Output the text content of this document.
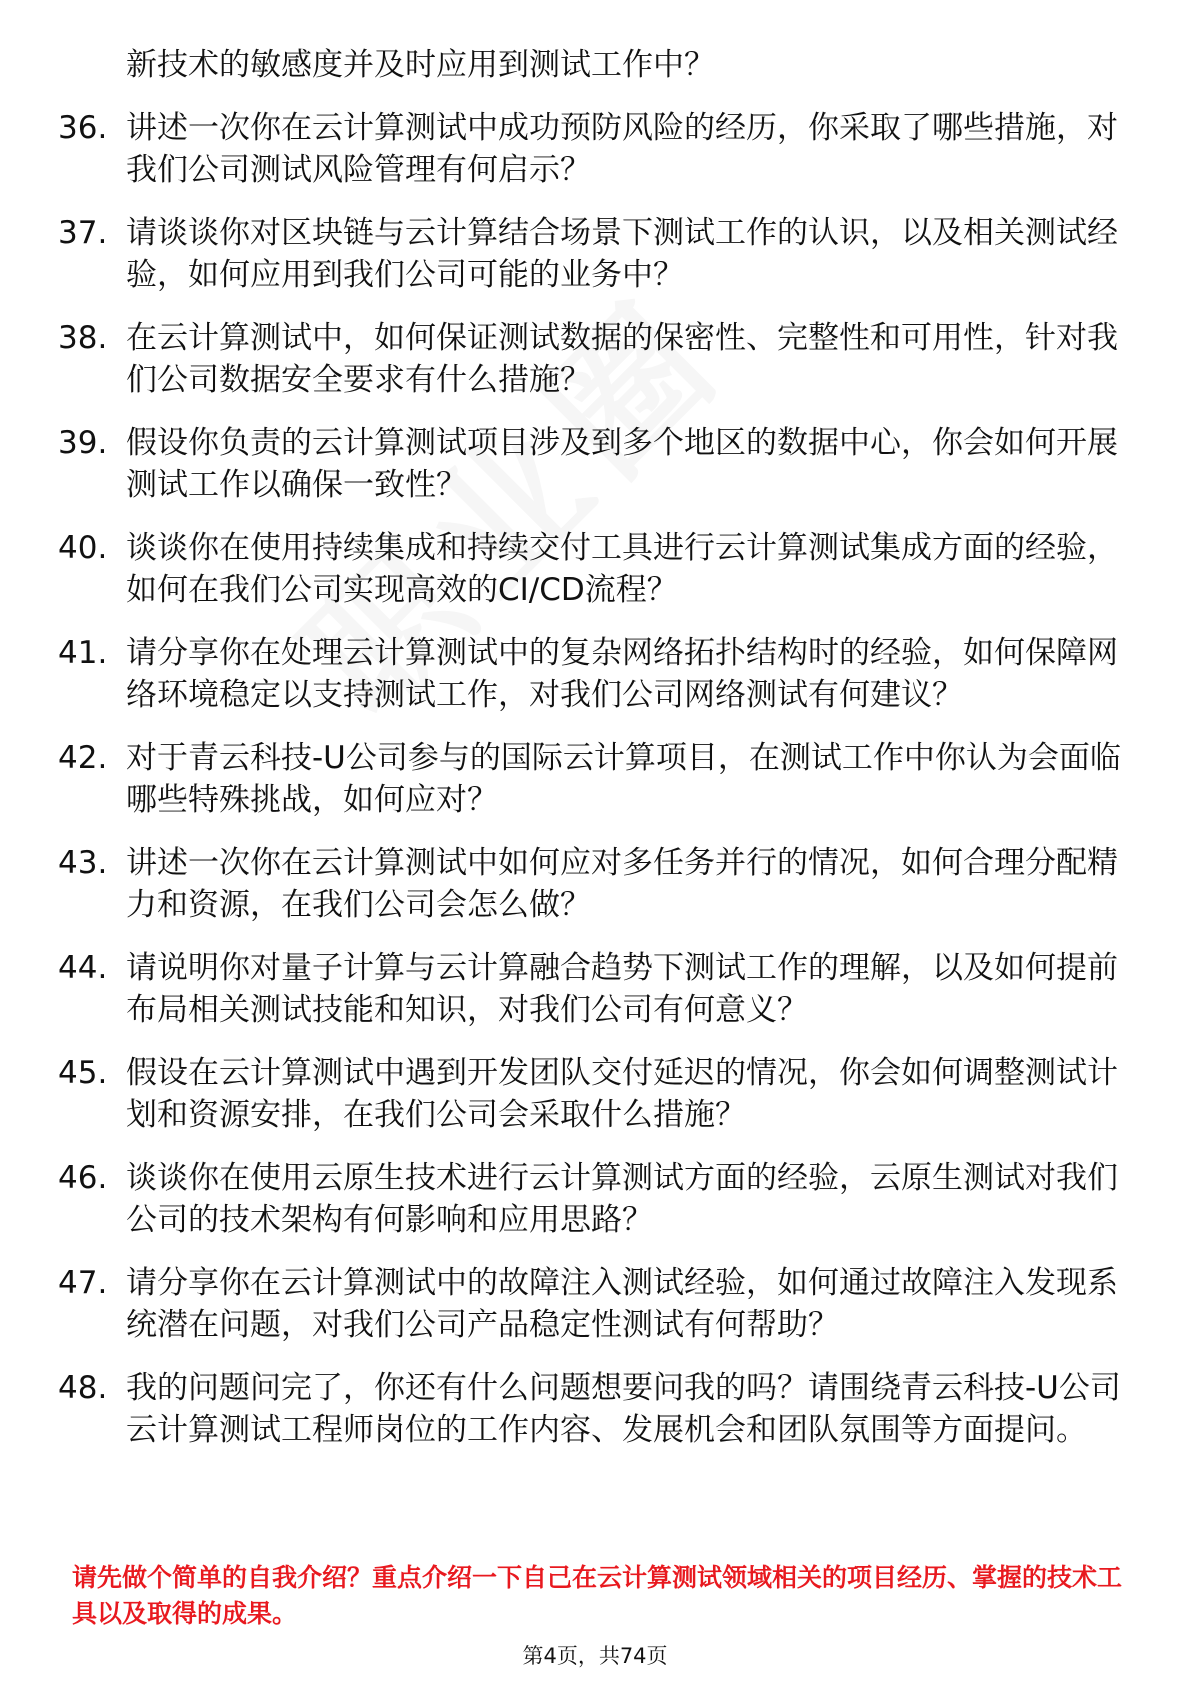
新技术的敏感度并及时应用到测试工作中？
36. 讲述一次你在云计算测试中成功预防风险的经历，你采取了哪些措施，对我们公司测试风险管理有何启示？
37. 请谈谈你对区块链与云计算结合场景下测试工作的认识，以及相关测试经验，如何应用到我们公司可能的业务中？
38. 在云计算测试中，如何保证测试数据的保密性、完整性和可用性，针对我们公司数据安全要求有什么措施？
39. 假设你负责的云计算测试项目涉及到多个地区的数据中心，你会如何开展测试工作以确保一致性？
40. 谈谈你在使用持续集成和持续交付工具进行云计算测试集成方面的经验，如何在我们公司实现高效的CI/CD流程？
41. 请分享你在处理云计算测试中的复杂网络拓扑结构时的经验，如何保障网络环境稳定以支持测试工作，对我们公司网络测试有何建议？
42. 对于青云科技-U公司参与的国际云计算项目，在测试工作中你认为会面临哪些特殊挑战，如何应对？
43. 讲述一次你在云计算测试中如何应对多任务并行的情况，如何合理分配精力和资源，在我们公司会怎么做？
44. 请说明你对量子计算与云计算融合趋势下测试工作的理解，以及如何提前布局相关测试技能和知识，对我们公司有何意义？
45. 假设在云计算测试中遇到开发团队交付延迟的情况，你会如何调整测试计划和资源安排，在我们公司会采取什么措施？
46. 谈谈你在使用云原生技术进行云计算测试方面的经验，云原生测试对我们公司的技术架构有何影响和应用思路？
47. 请分享你在云计算测试中的故障注入测试经验，如何通过故障注入发现系统潜在问题，对我们公司产品稳定性测试有何帮助？
48. 我的问题问完了，你还有什么问题想要问我的吗？请围绕青云科技-U公司云计算测试工程师岗位的工作内容、发展机会和团队氛围等方面提问。
请先做个简单的自我介绍？重点介绍一下自己在云计算测试领域相关的项目经历、掌握的技术工具以及取得的成果。
第4页，共74页
